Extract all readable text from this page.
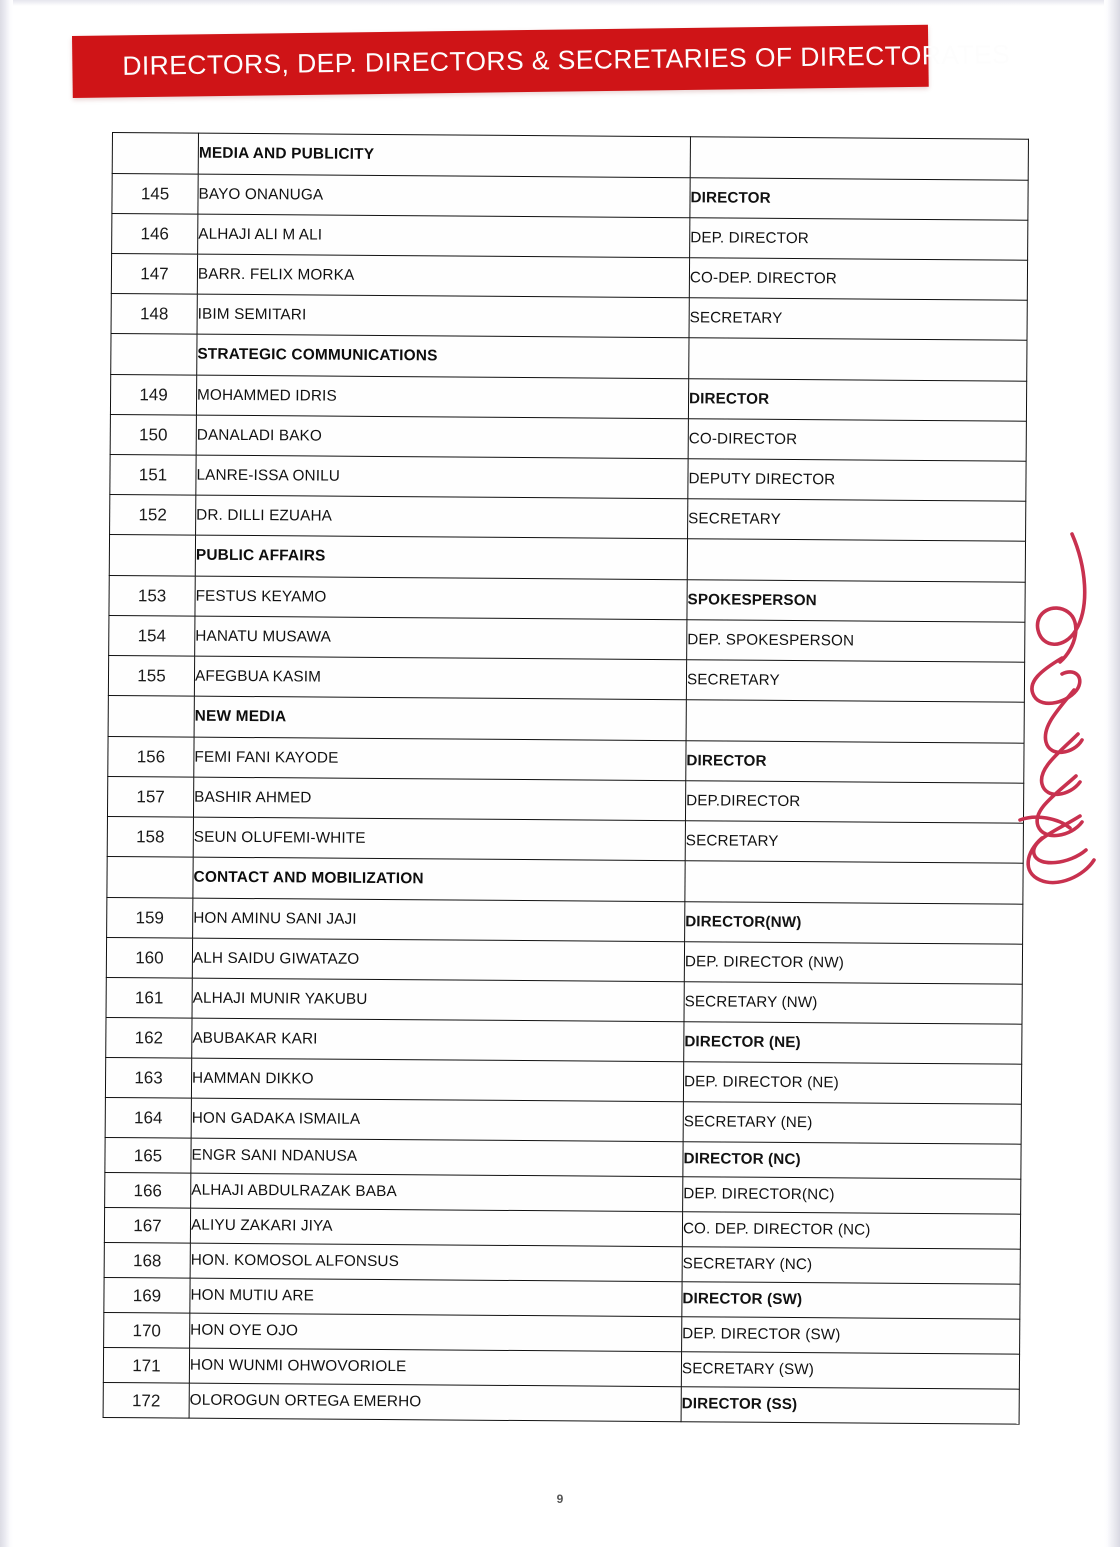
DIRECTORS, DEP. DIRECTORS & SECRETARIES OF DIRECTORATES
	MEDIA AND PUBLICITY	
145	BAYO ONANUGA	DIRECTOR
146	ALHAJI ALI M ALI	DEP. DIRECTOR
147	BARR. FELIX MORKA	CO-DEP. DIRECTOR
148	IBIM SEMITARI	SECRETARY
	STRATEGIC COMMUNICATIONS	
149	MOHAMMED IDRIS	DIRECTOR
150	DANALADI BAKO	CO-DIRECTOR
151	LANRE-ISSA ONILU	DEPUTY DIRECTOR
152	DR. DILLI EZUAHA	SECRETARY
	PUBLIC AFFAIRS	
153	FESTUS KEYAMO	SPOKESPERSON
154	HANATU MUSAWA	DEP. SPOKESPERSON
155	AFEGBUA KASIM	SECRETARY
	NEW MEDIA	
156	FEMI FANI KAYODE	DIRECTOR
157	BASHIR AHMED	DEP.DIRECTOR
158	SEUN OLUFEMI-WHITE	SECRETARY
	CONTACT AND MOBILIZATION	
159	HON AMINU SANI JAJI	DIRECTOR(NW)
160	ALH SAIDU GIWATAZO	DEP. DIRECTOR (NW)
161	ALHAJI MUNIR YAKUBU	SECRETARY (NW)
162	ABUBAKAR KARI	DIRECTOR (NE)
163	HAMMAN DIKKO	DEP. DIRECTOR (NE)
164	HON GADAKA ISMAILA	SECRETARY (NE)
165	ENGR SANI NDANUSA	DIRECTOR (NC)
166	ALHAJI ABDULRAZAK BABA	DEP. DIRECTOR(NC)
167	ALIYU ZAKARI JIYA	CO. DEP. DIRECTOR (NC)
168	HON. KOMOSOL ALFONSUS	SECRETARY (NC)
169	HON MUTIU ARE	DIRECTOR (SW)
170	HON OYE OJO	DEP. DIRECTOR (SW)
171	HON WUNMI OHWOVORIOLE	SECRETARY (SW)
172	OLOROGUN ORTEGA EMERHO	DIRECTOR (SS)
9
